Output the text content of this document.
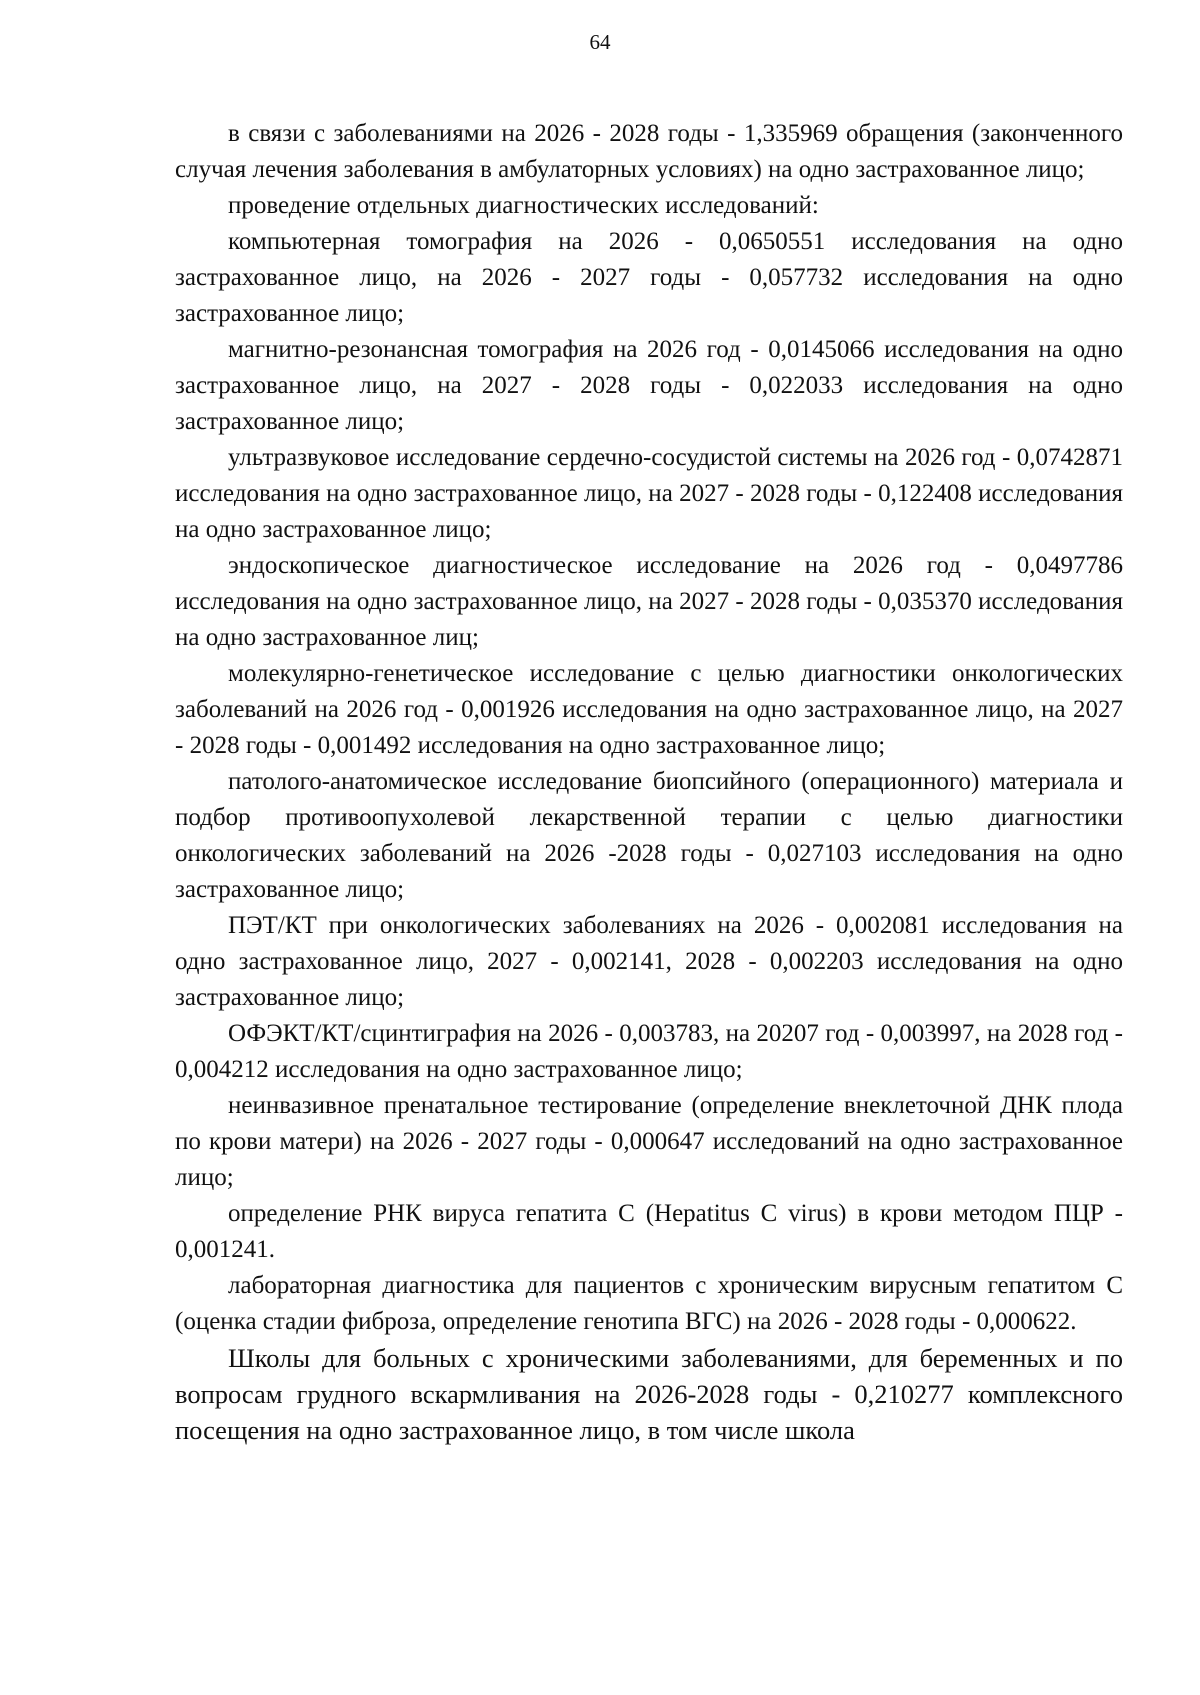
64

в связи с заболеваниями на 2026 - 2028 годы - 1,335969 обращения (законченного случая лечения заболевания в амбулаторных условиях) на одно застрахованное лицо;

проведение отдельных диагностических исследований:

компьютерная томография на 2026 - 0,0650551 исследования на одно застрахованное лицо, на 2026 - 2027 годы - 0,057732 исследования на одно застрахованное лицо;

магнитно-резонансная томография на 2026 год - 0,0145066 исследования на одно застрахованное лицо, на 2027 - 2028 годы - 0,022033 исследования на одно застрахованное лицо;

ультразвуковое исследование сердечно-сосудистой системы на 2026 год - 0,0742871 исследования на одно застрахованное лицо, на 2027 - 2028 годы - 0,122408 исследования на одно застрахованное лицо;

эндоскопическое диагностическое исследование на 2026 год - 0,0497786 исследования на одно застрахованное лицо, на 2027 - 2028 годы - 0,035370 исследования на одно застрахованное лиц;

молекулярно-генетическое исследование с целью диагностики онкологических заболеваний на 2026 год - 0,001926 исследования на одно застрахованное лицо, на 2027 - 2028 годы - 0,001492 исследования на одно застрахованное лицо;

патолого-анатомическое исследование биопсийного (операционного) материала и подбор противоопухолевой лекарственной терапии с целью диагностики онкологических заболеваний на 2026 -2028 годы - 0,027103 исследования на одно застрахованное лицо;

ПЭТ/КТ при онкологических заболеваниях на 2026 - 0,002081 исследования на одно застрахованное лицо, 2027 - 0,002141, 2028 - 0,002203 исследования на одно застрахованное лицо;

ОФЭКТ/КТ/сцинтиграфия на 2026 - 0,003783, на 20207 год - 0,003997, на 2028 год - 0,004212 исследования на одно застрахованное лицо;

неинвазивное пренатальное тестирование (определение внеклеточной ДНК плода по крови матери) на 2026 - 2027 годы - 0,000647 исследований на одно застрахованное лицо;

определение РНК вируса гепатита С (Hepatitus С virus) в крови методом ПЦР - 0,001241.

лабораторная диагностика для пациентов с хроническим вирусным гепатитом С (оценка стадии фиброза, определение генотипа ВГС) на 2026 - 2028 годы - 0,000622.

Школы для больных с хроническими заболеваниями, для беременных и по вопросам грудного вскармливания на 2026-2028 годы - 0,210277 комплексного посещения на одно застрахованное лицо, в том числе школа
